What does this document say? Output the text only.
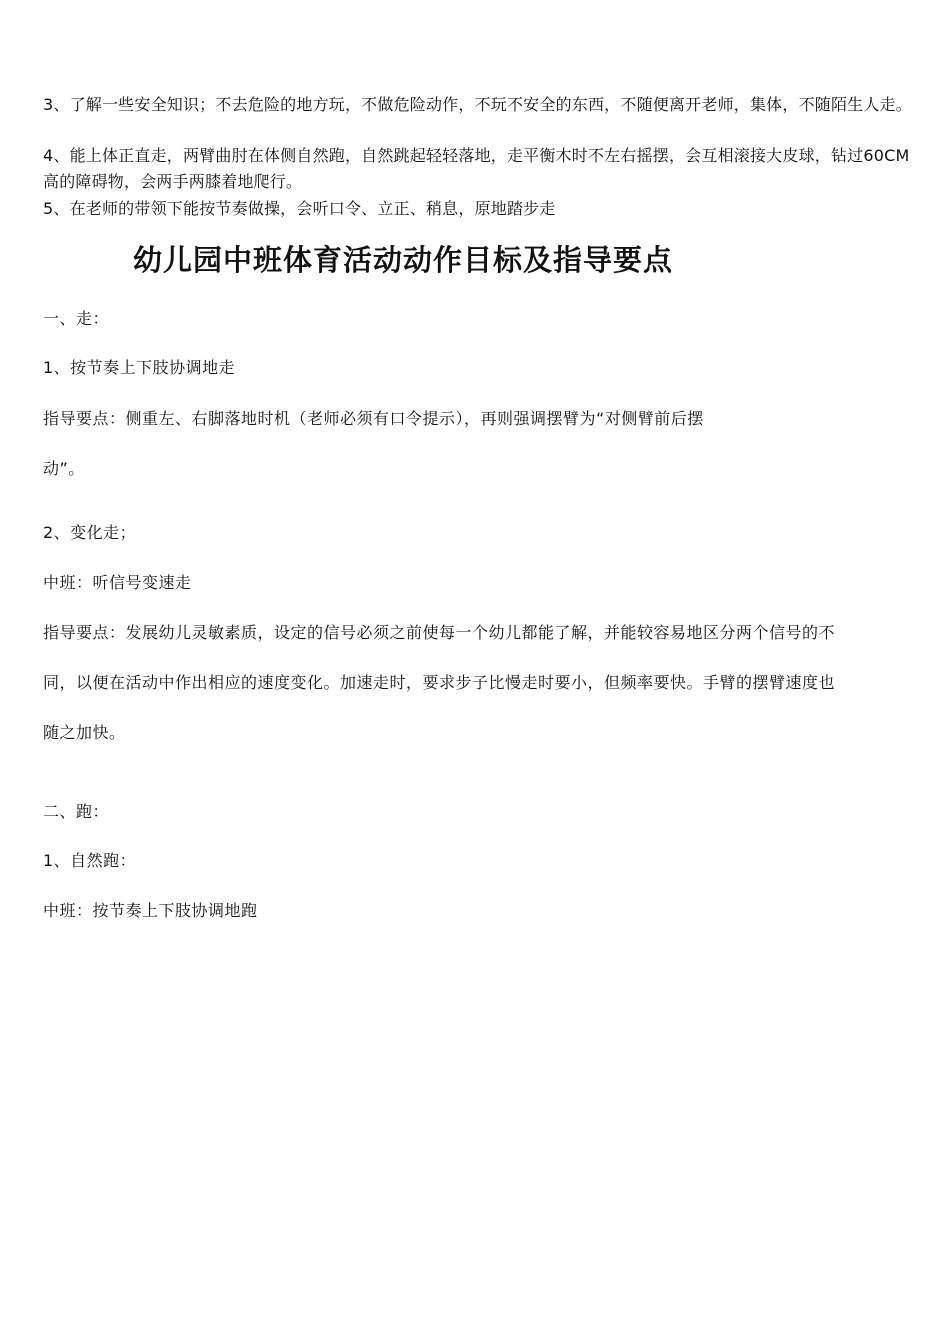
3、了解一些安全知识；不去危险的地方玩，不做危险动作，不玩不安全的东西，不随便离开老师，集体，不随陌生人走。
4、能上体正直走，两臂曲肘在体侧自然跑，自然跳起轻轻落地，走平衡木时不左右摇摆，会互相滚接大皮球，钻过60CM高的障碍物，会两手两膝着地爬行。
5、在老师的带领下能按节奏做操，会听口令、立正、稍息，原地踏步走
幼儿园中班体育活动动作目标及指导要点
一、走：
1、按节奏上下肢协调地走
指导要点：侧重左、右脚落地时机（老师必须有口令提示），再则强调摆臂为“对侧臂前后摆
动”。
2、变化走；
中班：听信号变速走
指导要点：发展幼儿灵敏素质，设定的信号必须之前使每一个幼儿都能了解，并能较容易地区分两个信号的不
同，以便在活动中作出相应的速度变化。加速走时，要求步子比慢走时要小，但频率要快。手臂的摆臂速度也
随之加快。
二、跑：
1、自然跑：
中班：按节奏上下肢协调地跑
